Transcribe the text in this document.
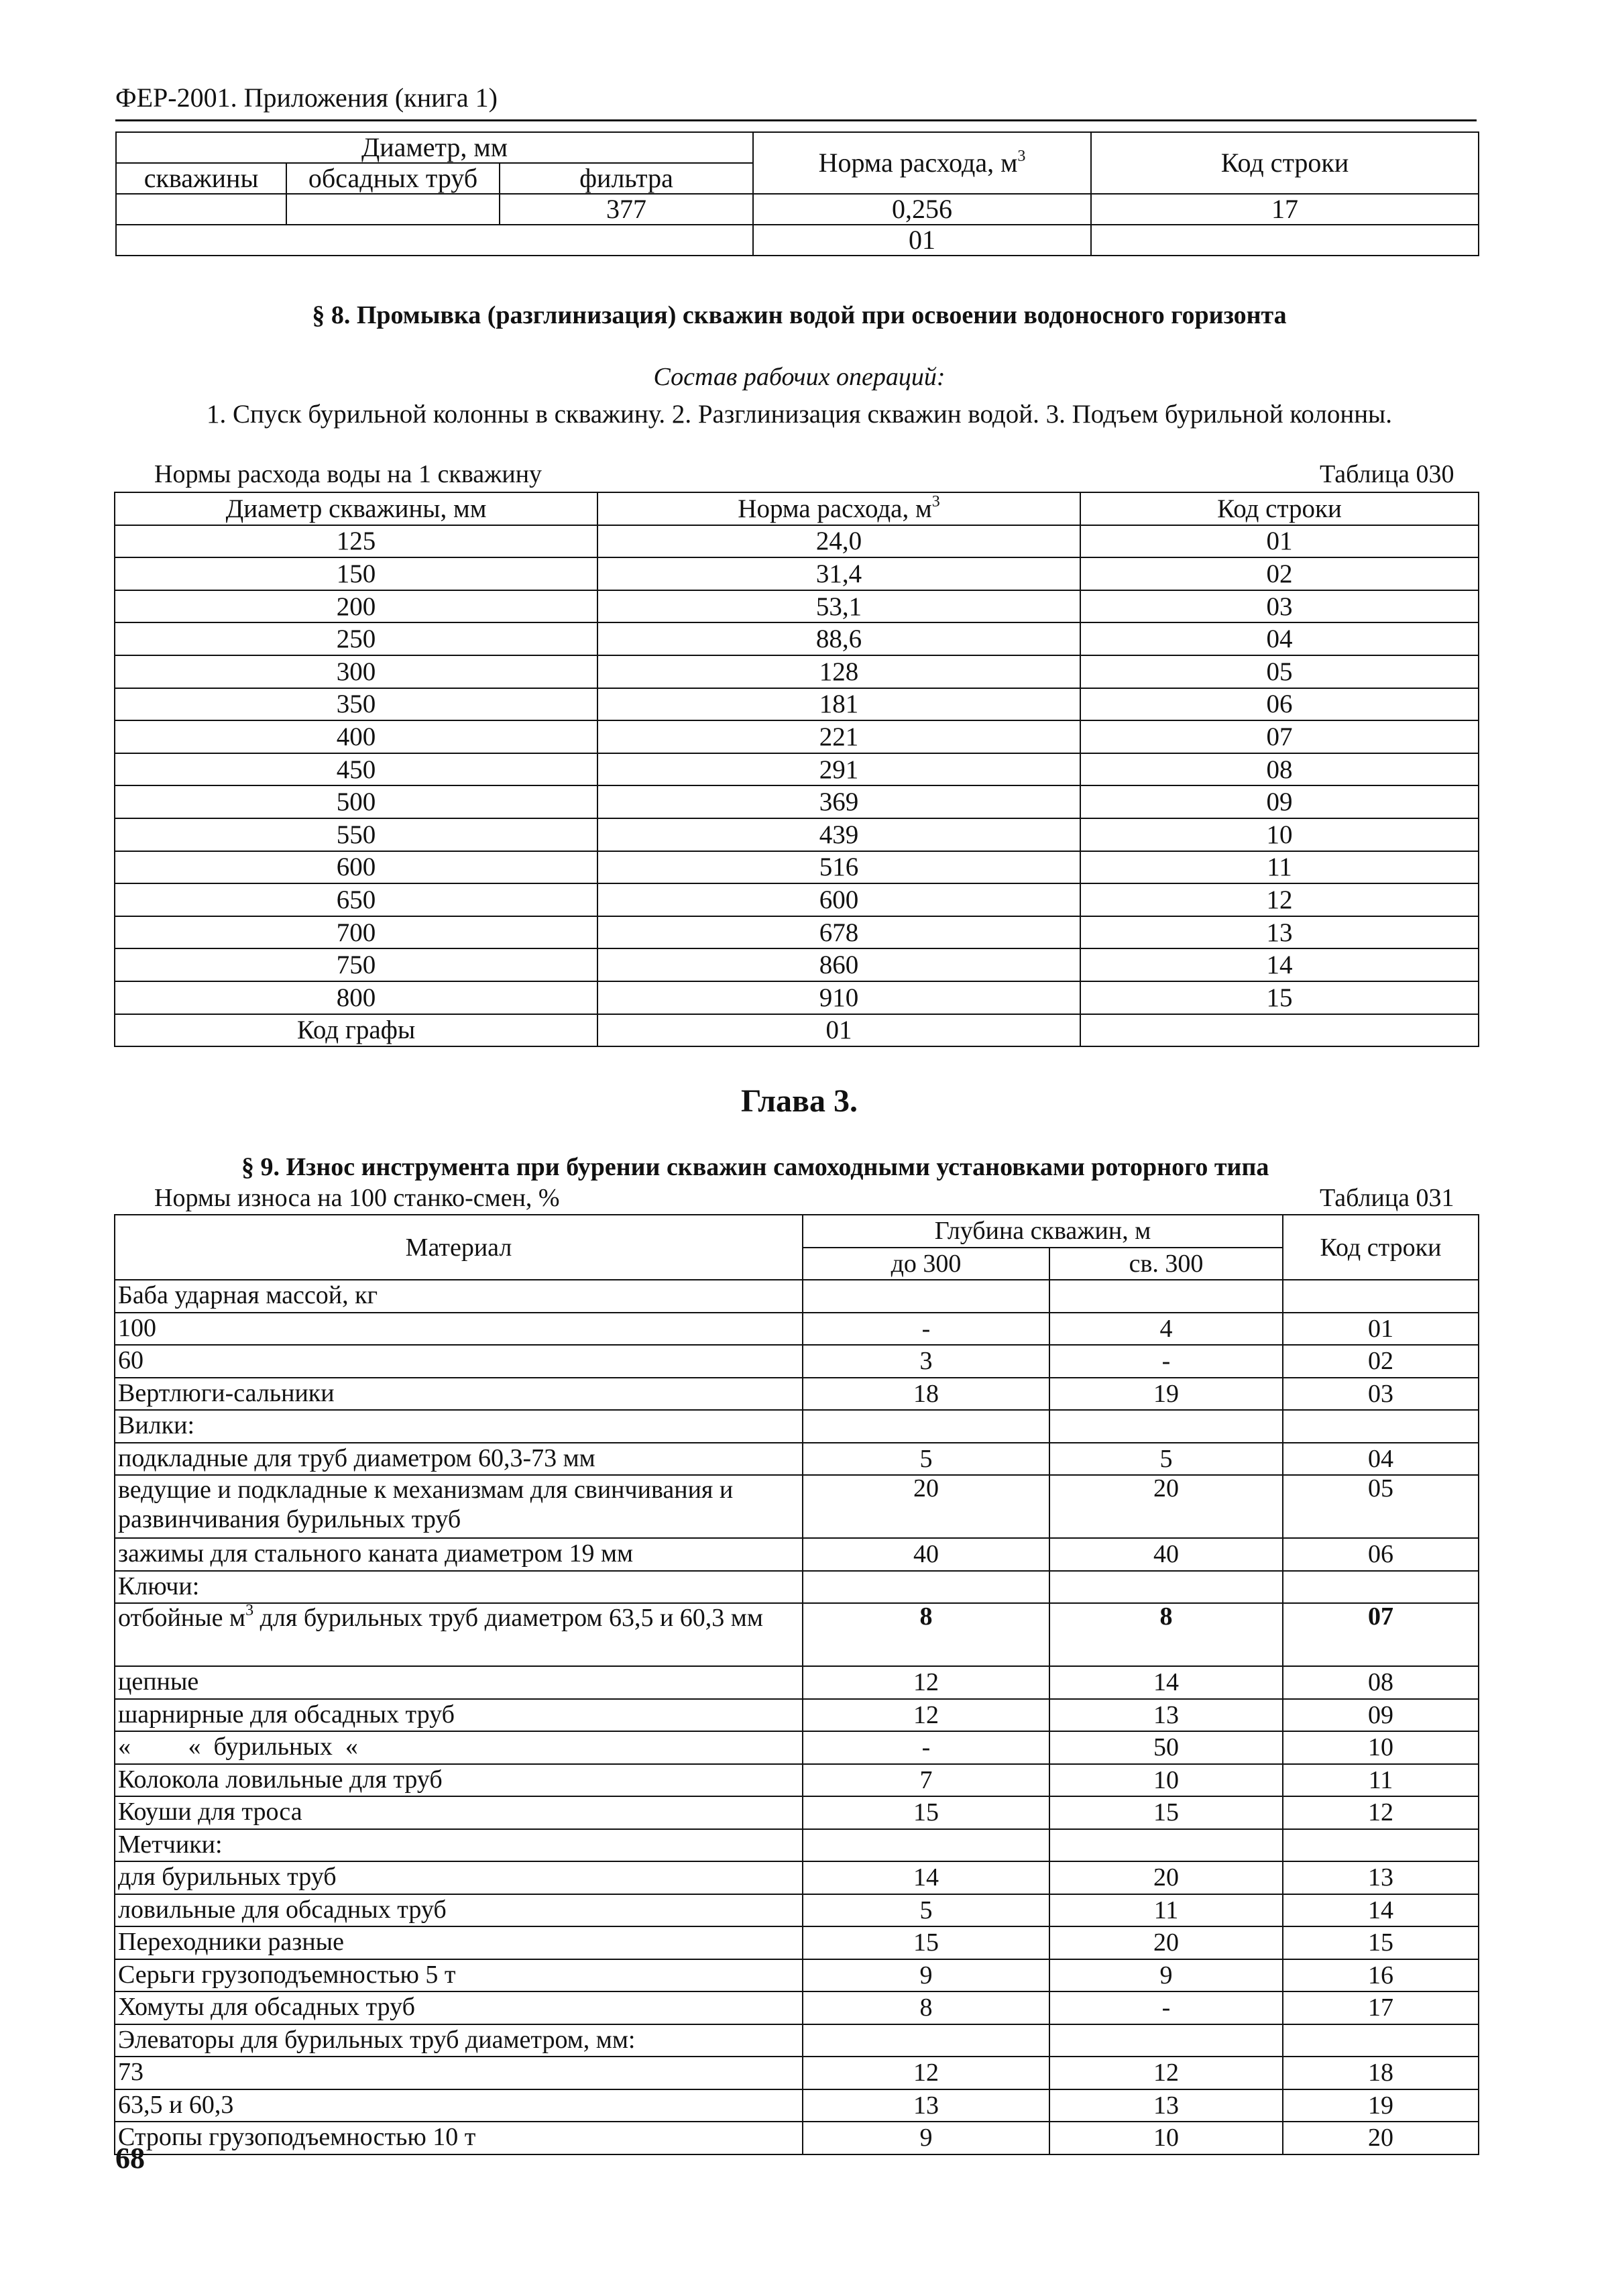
ФЕР-2001. Приложения (книга 1)
Диаметр, мм			Норма расхода, $м^3$	Код строки
скважины	обсадных труб	фильтра		
		377	0,256	17
			01	
§ 8. Промывка (разглинизация) скважин водой при освоении водоносного горизонта
Состав рабочих операций:
1. Спуск бурильной колонны в скважину. 2. Разглинизация скважин водой. 3. Подъем бурильной колонны.
Нормы расхода воды на 1 скважину	Таблица 030
Диаметр скважины, мм	Норма расхода, $м^3$	Код строки
125	24,0	01
150	31,4	02
200	53,1	03
250	88,6	04
300	128	05
350	181	06
400	221	07
450	291	08
500	369	09
550	439	10
600	516	11
650	600	12
700	678	13
750	860	14
800	910	15
Код графы	01	
Глава 3.
§ 9. Износ инструмента при бурении скважин самоходными установками роторного типа
Нормы износа на 100 станко-смен, %	Таблица 031
Материал	Глубина скважин, м		Код строки
	до 300	св. 300	
Баба ударная массой, кг			
100	-	4	01
60	3	-	02
Вертлюги-сальники	18	19	03
Вилки:			
подкладные для труб диаметром 60,3-73 мм	5	5	04
ведущие и подкладные к механизмам для свинчивания и развинчивания бурильных труб	20	20	05
зажимы для стального каната диаметром 19 мм	40	40	06
Ключи:			
отбойные $м^3$ для бурильных труб диаметром 63,5 и 60,3 мм	8	8	07
цепные	12	14	08
шарнирные для обсадных труб	12	13	09
«         «  бурильных  «	-	50	10
Колокола ловильные для труб	7	10	11
Коуши для троса	15	15	12
Метчики:			
для бурильных труб	14	20	13
ловильные для обсадных труб	5	11	14
Переходники разные	15	20	15
Серьги грузоподъемностью 5 т	9	9	16
Хомуты для обсадных труб	8	-	17
Элеваторы для бурильных труб диаметром, мм:			
73	12	12	18
63,5 и 60,3	13	13	19
Стропы грузоподъемностью 10 т	9	10	20
68
